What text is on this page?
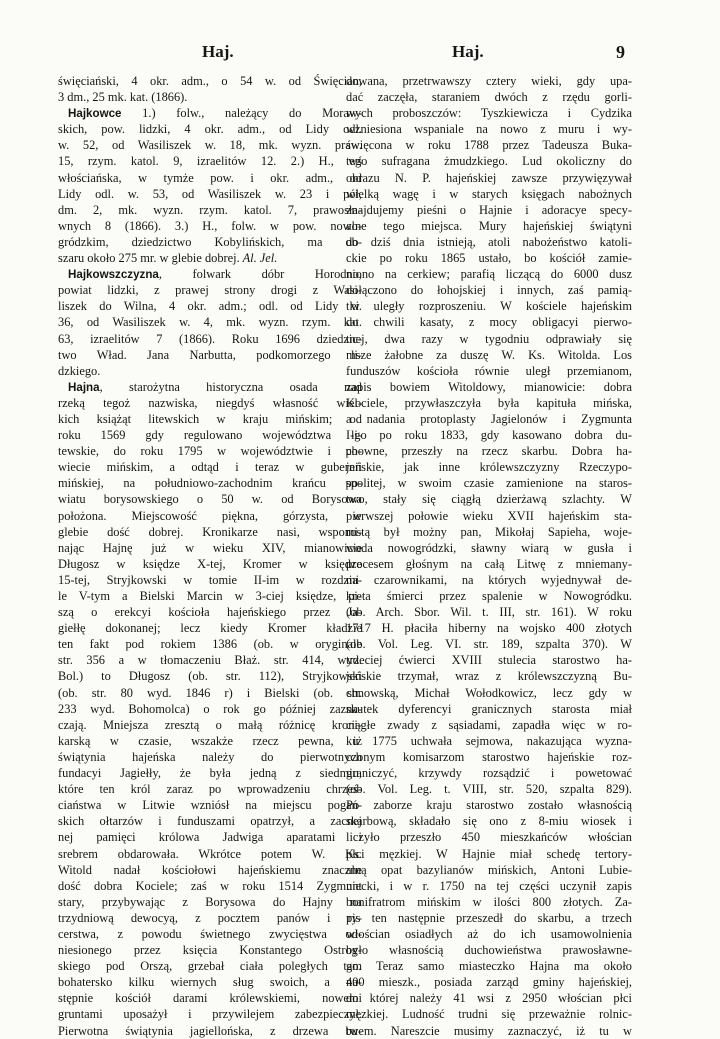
Haj.	Haj.	9
święciański, 4 okr. adm., o 54 w. od Święcian,
3 dm., 25 mk. kat. (1866).
Hajkowce 1.) folw., należący do Moraw-
skich, pow. lidzki, 4 okr. adm., od Lidy odl.
w. 52, od Wasiliszek w. 18, mk. wyzn. praw.
15, rzym. katol. 9, izraelitów 12. 2.) H., wś
włościańska, w tymże pow. i okr. adm., od
Lidy odl. w. 53, od Wasiliszek w. 23 i pół,
dm. 2, mk. wyzn. rzym. katol. 7, prawosła-
wnych 8 (1866). 3.) H., folw. w pow. nowo-
gródzkim, dziedzictwo Kobylińskich, ma ob-
szaru około 275 mr. w glebie dobrej. Al. Jel.
Hajkowszczyzna, folwark dóbr Horodno,
powiat lidzki, z prawej strony drogi z Wasi-
liszek do Wilna, 4 okr. adm.; odl. od Lidy w.
36, od Wasiliszek w. 4, mk. wyzn. rzym. kat.
63, izraelitów 7 (1866). Roku 1696 dziedzic-
two Wład. Jana Narbutta, podkomorzego li-
dzkiego.
Hajna, starożytna historyczna osada nad
rzeką tegoż nazwiska, niegdyś własność wiel-
kich książąt litewskich w kraju mińskim; od
roku 1569 gdy regulowano województwa li-
tewskie, do roku 1795 w województwie i po-
wiecie mińskim, a odtąd i teraz w gubernii
mińskiej, na południowo-zachodnim krańcu po-
wiatu borysowskiego o 50 w. od Borysowa
położona. Miejscowość piękna, górzysta, w
glebie dość dobrej. Kronikarze nasi, wspomi-
nając Hajnę już w wieku XIV, mianowicie
Długosz w księdze X-tej, Kromer w księdze
15-tej, Stryjkowski w tomie II-im w rozdzia-
le V-tym a Bielski Marcin w 3-ciej księdze, pi-
szą o erekcyi kościoła hajeńskiego przez Ja-
giełłę dokonanej; lecz kiedy Kromer kładzie
ten fakt pod rokiem 1386 (ob. w oryginale
str. 356 a w tłomaczeniu Błaż. str. 414, wyd.
Bol.) to Długosz (ob. str. 112), Stryjkowski
(ob. str. 80 wyd. 1846 r) i Bielski (ob. str.
233 wyd. Bohomolca) o rok go później zazna-
czają. Mniejsza zresztą o małą różnicę kroni-
karską w czasie, wszakże rzecz pewna, iż
świątynia hajeńska należy do pierwotnych
fundacyi Jagiełły, że była jedną z siedmiu,
które ten król zaraz po wprowadzeniu chrześ-
ciaństwa w Litwie wzniósł na miejscu pogań-
skich ołtarzów i funduszami opatrzył, a zacnej
nej pamięci królowa Jadwiga aparatami i
srebrem obdarowała. Wkrótce potem W. Ks.
Witold nadał kościołowi hajeńskiemu znaczne
dość dobra Kociele; zaś w roku 1514 Zygmunt
stary, przybywając z Borysowa do Hajny na
trzydniową dewocyą, z pocztem panów i ry-
cerstwa, z powodu świetnego zwycięstwa od-
niesionego przez księcia Konstantego Ostrog-
skiego pod Orszą, grzebał ciała poległych tam
bohatersko kilku wiernych sług swoich, a na-
stępnie kościół darami królewskiemi, nowemi
gruntami uposażył i przywilejem zabezpieczył.
Pierwotna świątynia jagiellońska, z drzewa bu-
dowana, przetrwawszy cztery wieki, gdy upa-
dać zaczęła, staraniem dwóch z rzędu gorli-
wych proboszczów: Tyszkiewicza i Cydzika
wzniesiona wspaniale na nowo z muru i wy-
święcona w roku 1788 przez Tadeusza Buka-
tego sufragana żmudzkiego. Lud okoliczny do
obrazu N. P. hajeńskiej zawsze przywięzywał
wielką wagę i w starych księgach nabożnych
znajdujemy pieśni o Hajnie i adoracye specy-
alne tego miejsca. Mury hajeńskiej świątyni
do dziś dnia istnieją, atoli nabożeństwo katoli-
ckie po roku 1865 ustało, bo kościół zamie-
niono na cerkiew; parafią liczącą do 6000 dusz
dołączono do łohojskiej i innych, zaś pamią-
tki uległy rozproszeniu. W kościele hajeńskim
do chwili kasaty, z mocy obligacyi pierwo-
tnej, dwa razy w tygodniu odprawiały się
msze żałobne za duszę W. Ks. Witolda. Los
funduszów kościoła równie uległ przemianom,
zapis bowiem Witoldowy, mianowicie: dobra
Kociele, przywłaszczyła była kapituła mińska,
a nadania protoplasty Jagielonów i Zygmunta
I-go po roku 1833, gdy kasowano dobra du-
chowne, przeszły na rzecz skarbu. Dobra ha-
jeńskie, jak inne królewszczyzny Rzeczypo-
spolitej, w swoim czasie zamienione na staros-
two, stały się ciągłą dzierżawą szlachty. W
pierwszej połowie wieku XVII hajeńskim sta-
rostą był możny pan, Mikołaj Sapieha, woje-
woda nowogródzki, sławny wiarą w gusła i
procesem głośnym na całą Litwę z mniemany-
mi czarownikami, na których wyjednywał de-
kreta śmierci przez spalenie w Nowogródku.
(ob. Arch. Sbor. Wil. t. III, str. 161). W roku
1717 H. płaciła hiberny na wojsko 400 złotych
(ob. Vol. Leg. VI. str. 189, szpalta 370). W
trzeciej ćwierci XVIII stulecia starostwo ha-
jeńskie trzymał, wraz z królewszczyzną Bu-
chnowską, Michał Wołodkowicz, lecz gdy w
skutek dyferencyi granicznych starosta miał
ciągłe zwady z sąsiadami, zapadła więc w ro-
ku 1775 uchwała sejmowa, nakazująca wyzna-
czonym komisarzom starostwo hajeńskie roz-
graniczyć, krzywdy rozsądzić i powetować
(ob. Vol. Leg. t. VIII, str. 520, szpalta 829).
Po zaborze kraju starostwo zostało własnością
skarbową, składało się ono z 8-miu wiosek i
liczyło przeszło 450 mieszkańców włościan
płci męzkiej. W Hajnie miał schedę tertory-
alną opat bazylianów mińskich, Antoni Lubie-
niecki, i w r. 1750 na tej części uczynił zapis
bonifratrom mińskim w ilości 800 złotych. Za-
pis ten następnie przeszedł do skarbu, a trzech
włościan osiadłych aż do ich usamowolnienia
było własnością duchowieństwa prawosławne-
go. Teraz samo miasteczko Hajna ma około
400 mieszk., posiada zarząd gminy hajeńskiej,
do której należy 41 wsi z 2950 włościan płci
męzkiej. Ludność trudni się przeważnie rolnic-
twem. Nareszcie musimy zaznaczyć, iż tu w
